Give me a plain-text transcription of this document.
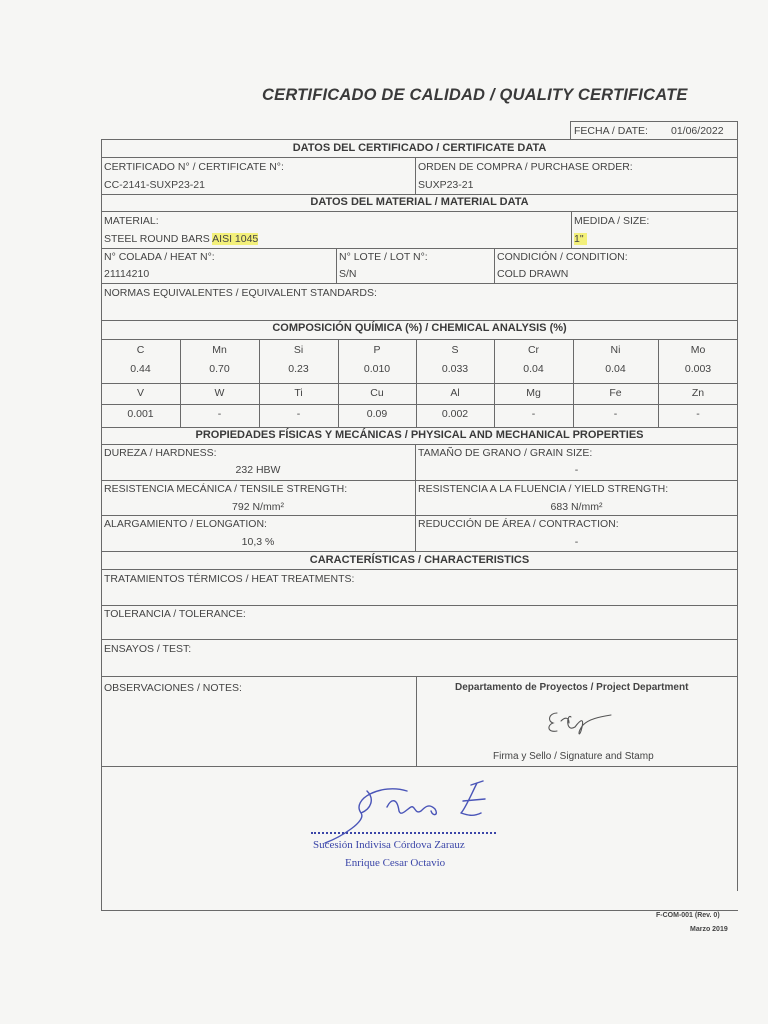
CERTIFICADO DE CALIDAD / QUALITY CERTIFICATE
FECHA / DATE: 01/06/2022
DATOS DEL CERTIFICADO / CERTIFICATE DATA
CERTIFICADO N° / CERTIFICATE N°:
CC-2141-SUXP23-21
ORDEN DE COMPRA / PURCHASE ORDER:
SUXP23-21
DATOS DEL MATERIAL / MATERIAL DATA
MATERIAL:
STEEL ROUND BARS AISI 1045
MEDIDA / SIZE:
1"
N° COLADA / HEAT N°:
21114210
N° LOTE / LOT N°:
S/N
CONDICIÓN / CONDITION:
COLD DRAWN
NORMAS EQUIVALENTES / EQUIVALENT STANDARDS:
COMPOSICIÓN QUÍMICA (%) / CHEMICAL ANALYSIS (%)
C	Mn	Si	P	S	Cr	Ni	Mo
0.44	0.70	0.23	0.010	0.033	0.04	0.04	0.003
V	W	Ti	Cu	Al	Mg	Fe	Zn
0.001	-	-	0.09	0.002	-	-	-
PROPIEDADES FÍSICAS Y MECÁNICAS / PHYSICAL AND MECHANICAL PROPERTIES
DUREZA / HARDNESS:
232 HBW
TAMAÑO DE GRANO / GRAIN SIZE:
-
RESISTENCIA MECÁNICA / TENSILE STRENGTH:
792 N/mm²
RESISTENCIA A LA FLUENCIA / YIELD STRENGTH:
683 N/mm²
ALARGAMIENTO / ELONGATION:
10,3 %
REDUCCIÓN DE ÁREA / CONTRACTION:
-
CARACTERÍSTICAS / CHARACTERISTICS
TRATAMIENTOS TÉRMICOS / HEAT TREATMENTS:
TOLERANCIA / TOLERANCE:
ENSAYOS / TEST:
OBSERVACIONES / NOTES:	Departamento de Proyectos / Project Department
Firma y Sello / Signature and Stamp
Sucesión Indivisa Córdova Zarauz
Enrique Cesar Octavio
F-COM-001 (Rev. 0)
Marzo 2019
